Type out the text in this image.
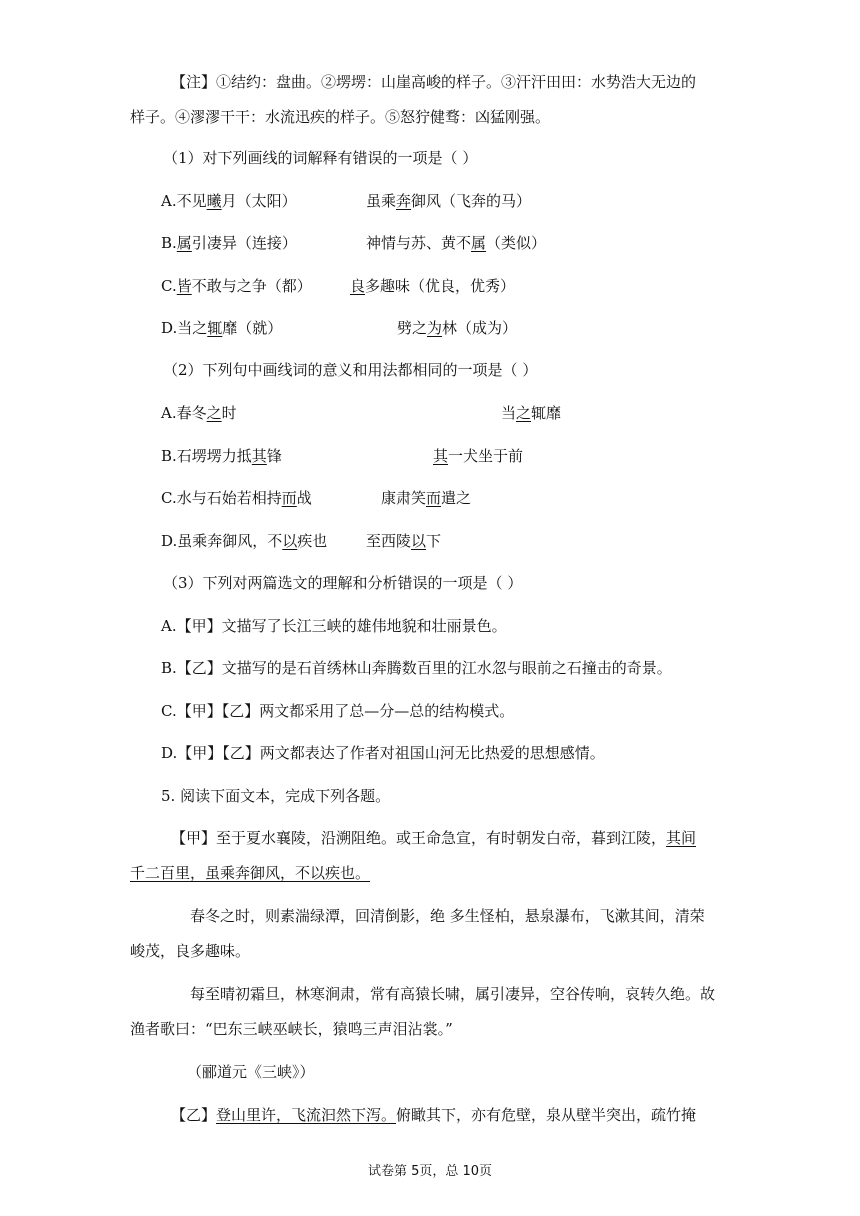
【注】①结约：盘曲。②塄塄：山崖高峻的样子。③汗汗田田：水势浩大无边的
样子。④漻漻干干：水流迅疾的样子。⑤怒狞健骛：凶猛刚强。
（1）对下列画线的词解释有错误的一项是（ ）
A.不见曦月（太阳）	虽乘奔御风（飞奔的马）
B.属引凄异（连接）	神情与苏、黄不属（类似）
C.皆不敢与之争（都）	良多趣味（优良，优秀）
D.当之辄靡（就）	劈之为林（成为）
（2）下列句中画线词的意义和用法都相同的一项是（ ）
A.春冬之时	当之辄靡
B.石塄塄力抵其锋	其一犬坐于前
C.水与石始若相持而战	康肃笑而遣之
D.虽乘奔御风，不以疾也	至西陵以下
（3）下列对两篇选文的理解和分析错误的一项是（ ）
A.【甲】文描写了长江三峡的雄伟地貌和壮丽景色。
B.【乙】文描写的是石首绣林山奔腾数百里的江水忽与眼前之石撞击的奇景。
C.【甲】【乙】两文都采用了总—分—总的结构模式。
D.【甲】【乙】两文都表达了作者对祖国山河无比热爱的思想感情。
5. 阅读下面文本，完成下列各题。
【甲】至于夏水襄陵，沿溯阻绝。或王命急宣，有时朝发白帝，暮到江陵，其间
千二百里，虽乘奔御风，不以疾也。
春冬之时，则素湍绿潭，回清倒影，绝 多生怪柏，悬泉瀑布，飞漱其间，清荣
峻茂，良多趣味。
每至晴初霜旦，林寒涧肃，常有高猿长啸，属引凄异，空谷传响，哀转久绝。故
渔者歌曰：“巴东三峡巫峡长，猿鸣三声泪沾裳。”
（郦道元《三峡》）
【乙】登山里许，飞流汩然下泻。俯瞰其下，亦有危壁，泉从壁半突出，疏竹掩
试卷第 5页，总 10页
